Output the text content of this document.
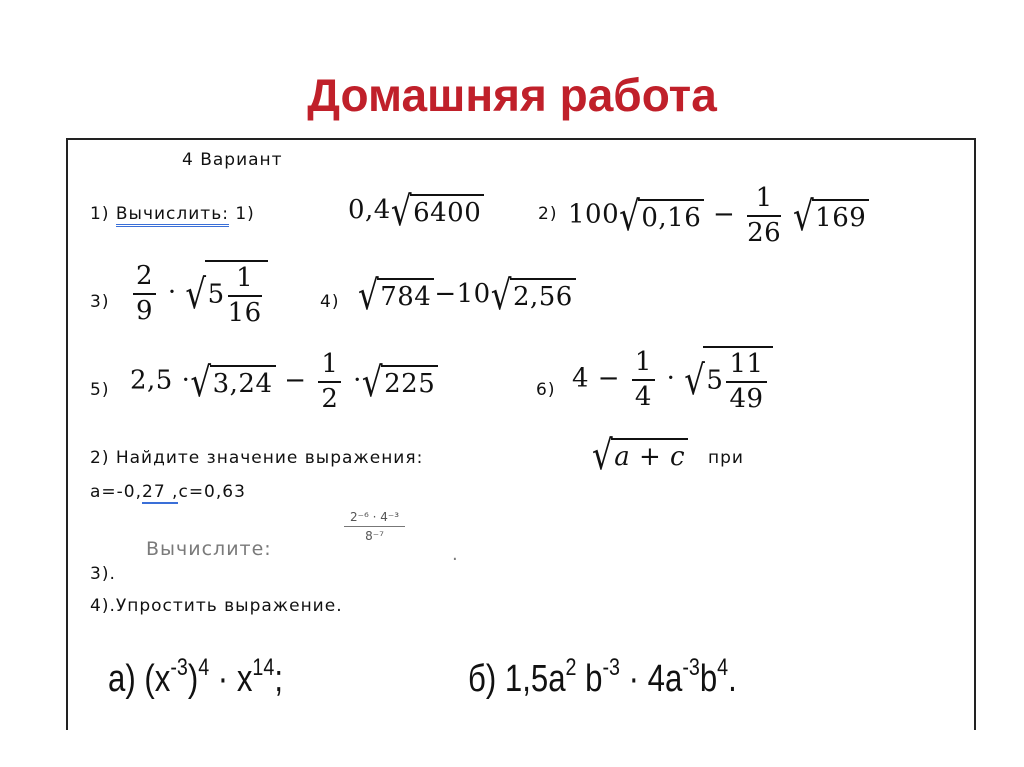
Домашняя работа
4 Вариант
1) Вычислить: 1)	0,4√6400	2) $100√0,16 - \frac{1}{26} √169$
$3) \frac{2}{9} \cdot √5 \frac{1}{16}$	4) √784 −10√2,56
5) $2,5 \cdot√3,24 - \frac{1}{2} \cdot√225$	6) $4 - \frac{1}{4} \cdot √5 \frac{11}{49}$
2) Найдите значение выражения:	√a + c при
a=-0,27 ,c=0,63
Вычислите:
$\frac{\text{2⁻⁶ · 4⁻³}}{\text{8⁻⁷}}$
.
3).
4).Упростить выражение.
а) $(x^{-3})^4 \cdot x^{14}$;	б) $1,5a^2$ $b^{-3} \cdot 4a^{-3}b^4$.
